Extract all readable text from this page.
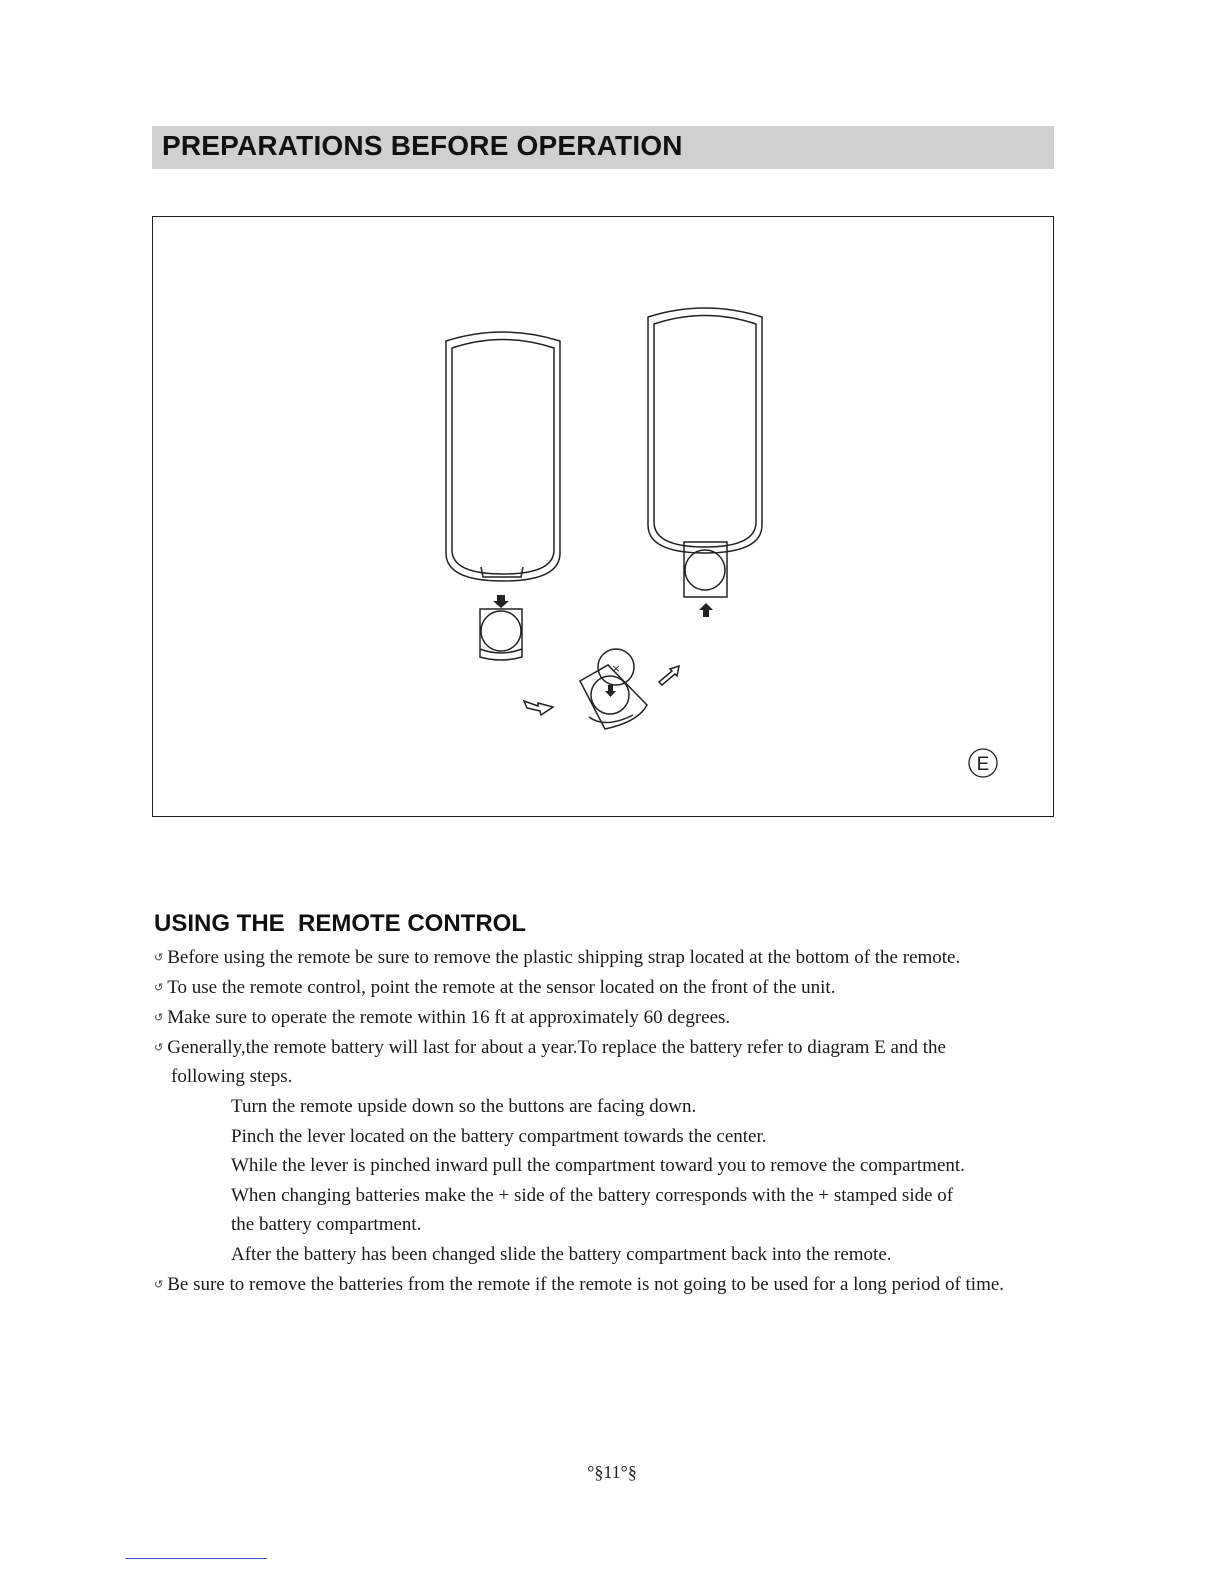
PREPARATIONS BEFORE OPERATION
×
E
USING THE  REMOTE CONTROL
↺ Before using the remote be sure to remove the plastic shipping strap located at the bottom of the remote.
↺ To use the remote control, point the remote at the sensor located on the front of the unit.
↺ Make sure to operate the remote within 16 ft at approximately 60 degrees.
↺ Generally,the remote battery will last for about a year.To replace the battery refer to diagram E and the
following steps.
Turn the remote upside down so the buttons are facing down.
Pinch the lever located on the battery compartment towards the center.
While the lever is pinched inward pull the compartment toward you to remove the compartment.
When changing batteries make the + side of the battery corresponds with the + stamped side of
the battery compartment.
After the battery has been changed slide the battery compartment back into the remote.
↺ Be sure to remove the batteries from the remote if the remote is not going to be used for a long period of time.
°§11°§
